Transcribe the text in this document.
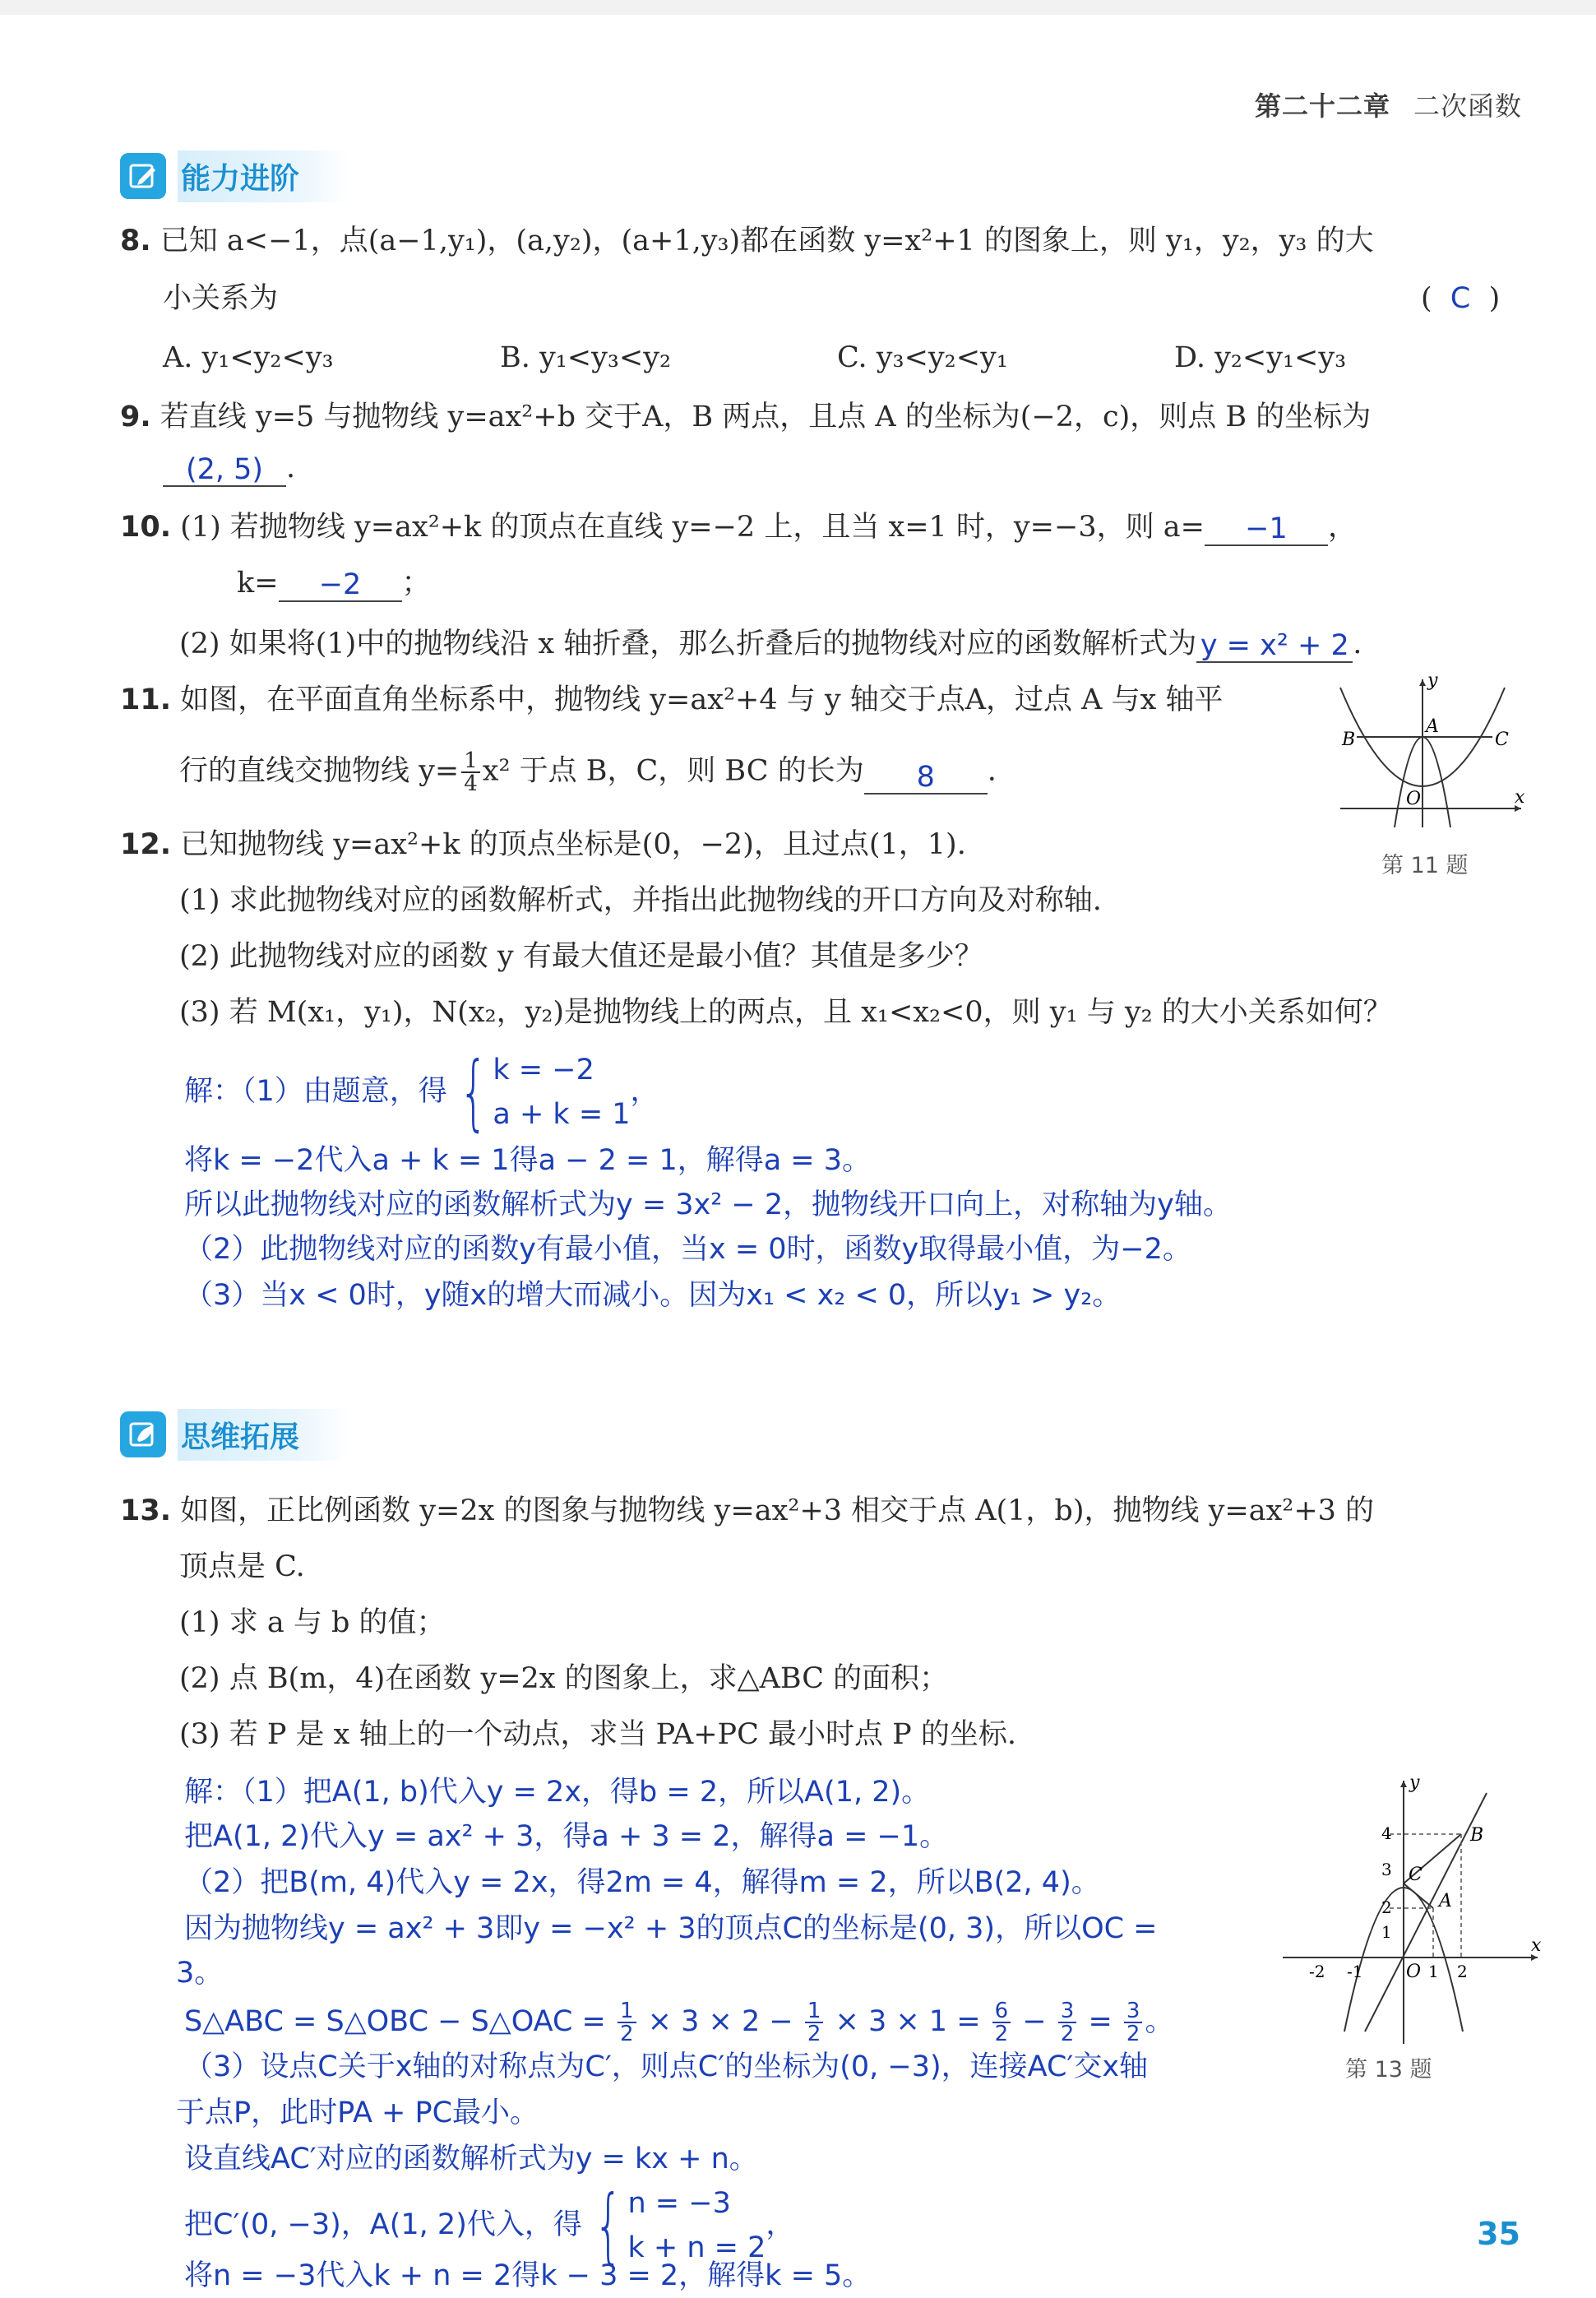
第二十二章 二次函数
能力进阶
8. 已知 a<−1，点(a−1,y₁)，(a,y₂)，(a+1,y₃)都在函数 y=x²+1 的图象上，则 y₁，y₂，y₃ 的大
小关系为	(  C  )
A. y₁<y₂<y₃	B. y₁<y₃<y₂	C. y₃<y₂<y₁	D. y₂<y₁<y₃
9. 若直线 y=5 与抛物线 y=ax²+b 交于A，B 两点，且点 A 的坐标为(−2，c)，则点 B 的坐标为
(2, 5) .
10. (1) 若抛物线 y=ax²+k 的顶点在直线 y=−2 上，且当 x=1 时，y=−3，则 a= −1 ，
k= −2 ；
(2) 如果将(1)中的抛物线沿 x 轴折叠，那么折叠后的抛物线对应的函数解析式为 y = x² + 2 .
11. 如图，在平面直角坐标系中，抛物线 y=ax²+4 与 y 轴交于点A，过点 A 与x 轴平
行的直线交抛物线 $y= \frac{1}{4} x^2$ 于点 B，C，则 BC 的长为 8 .
y
x
O
A
B	C
第 11 题
12. 已知抛物线 y=ax²+k 的顶点坐标是(0，−2)，且过点(1，1).
(1) 求此抛物线对应的函数解析式，并指出此抛物线的开口方向及对称轴.
(2) 此抛物线对应的函数 y 有最大值还是最小值？其值是多少？
(3) 若 M(x₁，y₁)，N(x₂，y₂)是抛物线上的两点，且 x₁<x₂<0，则 y₁ 与 y₂ 的大小关系如何？
解：（1）由题意，得 { k = −2
a + k = 1
，
将k = −2代入a + k = 1得a − 2 = 1，解得a = 3。
所以此抛物线对应的函数解析式为y = 3x² − 2，抛物线开口向上，对称轴为y轴。
（2）此抛物线对应的函数y有最小值，当x = 0时，函数y取得最小值，为−2。
（3）当x < 0时，y随x的增大而减小。因为x₁ < x₂ < 0，所以y₁ > y₂。
思维拓展
13. 如图，正比例函数 y=2x 的图象与抛物线 y=ax²+3 相交于点 A(1，b)，抛物线 y=ax²+3 的
顶点是 C.
(1) 求 a 与 b 的值；
(2) 点 B(m，4)在函数 y=2x 的图象上，求△ABC 的面积；
(3) 若 P 是 x 轴上的一个动点，求当 PA+PC 最小时点 P 的坐标.
解：（1）把A(1, b)代入y = 2x，得b = 2，所以A(1, 2)。
把A(1, 2)代入y = ax² + 3，得a + 3 = 2，解得a = −1。
（2）把B(m, 4)代入y = 2x，得2m = 4，解得m = 2，所以B(2, 4)。
因为抛物线y = ax² + 3即y = −x² + 3的顶点C的坐标是(0, 3)，所以OC =
3。
S△ABC = S△OBC − S△OAC = $\frac{1}{2} \times 3 \times 2 - \frac{1}{2} \times 3 \times 1 = \frac{6}{2} - \frac{3}{2} = \frac{3}{2}$ 。
（3）设点C关于x轴的对称点为C′，则点C′的坐标为(0, −3)，连接AC′交x轴
于点P，此时PA + PC最小。
设直线AC′对应的函数解析式为y = kx + n。
把C′(0, −3)，A(1, 2)代入，得 { n = −3
k + n = 2
，
将n = −3代入k + n = 2得k − 3 = 2，解得k = 5。
y
x
O
A
B
C
4
3
2
1
-2 -1	1 2
第 13 题
35
